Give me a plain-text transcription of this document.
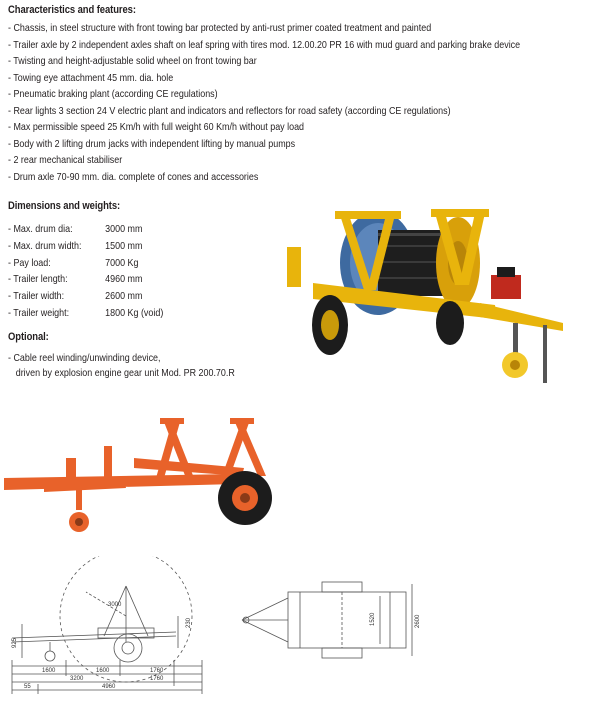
Characteristics and features:
- Chassis, in steel structure with front towing bar protected by anti-rust primer coated treatment and painted
- Trailer axle by 2 independent axles shaft on leaf spring with tires mod. 12.00.20 PR 16 with mud guard and parking brake device
- Twisting and height-adjustable solid wheel on front towing bar
- Towing eye attachment 45 mm. dia. hole
- Pneumatic braking plant (according CE regulations)
- Rear lights 3 section 24 V electric plant and indicators and reflectors for road safety (according CE regulations)
- Max permissible speed 25 Km/h with full weight 60 Km/h without pay load
- Body with 2 lifting drum jacks with independent lifting by manual pumps
- 2 rear mechanical stabiliser
- Drum axle 70-90 mm. dia. complete of cones and accessories
Dimensions and weights:
- Max. drum dia:	3000 mm
- Max. drum width: 1500 mm
- Pay load:	7000 Kg
- Trailer length:	4960 mm
- Trailer width:	2600 mm
- Trailer weight:	1800 Kg (void)
Optional:
- Cable reel winding/unwinding device,
driven by explosion engine gear unit Mod. PR 200.70.R
3000
925
230
1600	1600	1760
3200	1760
55	4960
1520	2600
